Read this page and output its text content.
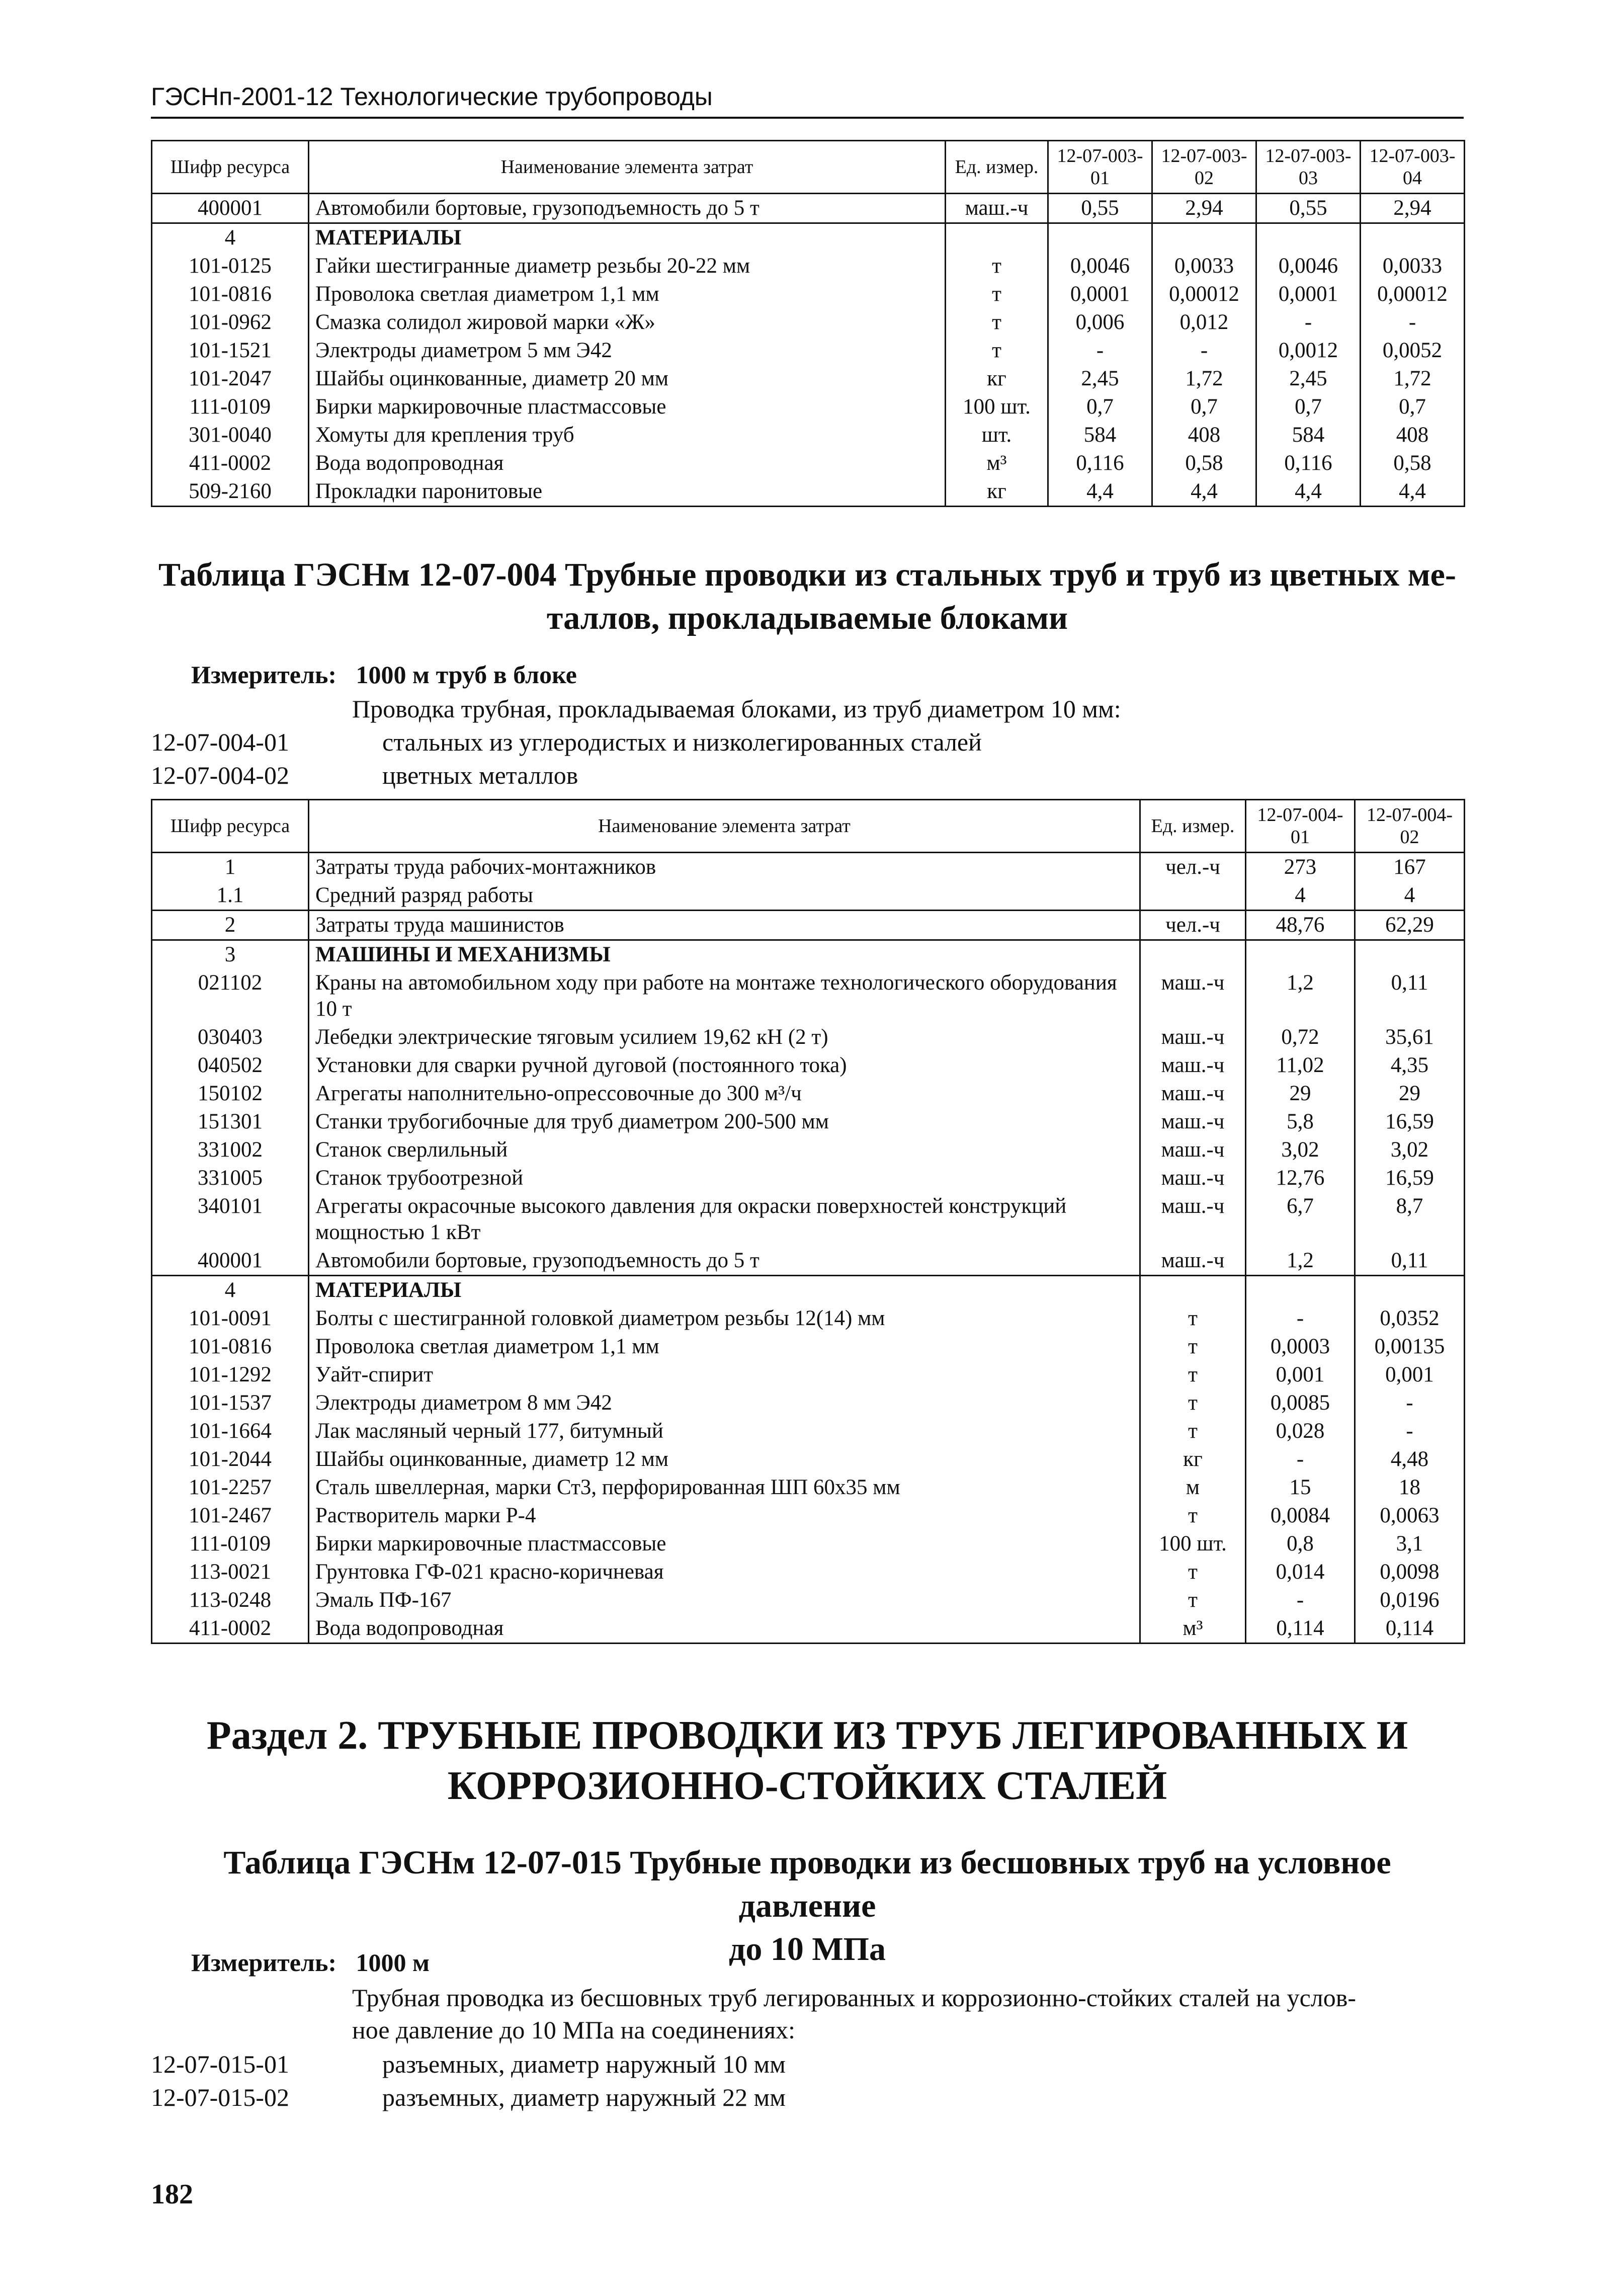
ГЭСНп-2001-12 Технологические трубопроводы
Шифр ресурса	Наименование элемента затрат	Ед. измер.	12-07-003-01	12-07-003-02	12-07-003-03	12-07-003-04
400001	Автомобили бортовые, грузоподъемность до 5 т	маш.-ч	0,55	2,94	0,55	2,94
4	МАТЕРИАЛЫ					
101-0125	Гайки шестигранные диаметр резьбы 20-22 мм	т	0,0046	0,0033	0,0046	0,0033
101-0816	Проволока светлая диаметром 1,1 мм	т	0,0001	0,00012	0,0001	0,00012
101-0962	Смазка солидол жировой марки «Ж»	т	0,006	0,012	-	-
101-1521	Электроды диаметром 5 мм Э42	т	-	-	0,0012	0,0052
101-2047	Шайбы оцинкованные, диаметр 20 мм	кг	2,45	1,72	2,45	1,72
111-0109	Бирки маркировочные пластмассовые	100 шт.	0,7	0,7	0,7	0,7
301-0040	Хомуты для крепления труб	шт.	584	408	584	408
411-0002	Вода водопроводная	м³	0,116	0,58	0,116	0,58
509-2160	Прокладки паронитовые	кг	4,4	4,4	4,4	4,4
Таблица ГЭСНм 12-07-004 Трубные проводки из стальных труб и труб из цветных ме-
таллов, прокладываемые блоками
Измеритель: 1000 м труб в блоке
Проводка трубная, прокладываемая блоками, из труб диаметром 10 мм:
12-07-004-01	стальных из углеродистых и низколегированных сталей
12-07-004-02	цветных металлов
Шифр ресурса	Наименование элемента затрат	Ед. измер.	12-07-004-01	12-07-004-02
1	Затраты труда рабочих-монтажников	чел.-ч	273	167
1.1	Средний разряд работы		4	4
2	Затраты труда машинистов	чел.-ч	48,76	62,29
3	МАШИНЫ И МЕХАНИЗМЫ			
021102	Краны на автомобильном ходу при работе на монтаже технологического оборудования 10 т	маш.-ч	1,2	0,11
030403	Лебедки электрические тяговым усилием 19,62 кН (2 т)	маш.-ч	0,72	35,61
040502	Установки для сварки ручной дуговой (постоянного тока)	маш.-ч	11,02	4,35
150102	Агрегаты наполнительно-опрессовочные до 300 м³/ч	маш.-ч	29	29
151301	Станки трубогибочные для труб диаметром 200-500 мм	маш.-ч	5,8	16,59
331002	Станок сверлильный	маш.-ч	3,02	3,02
331005	Станок трубоотрезной	маш.-ч	12,76	16,59
340101	Агрегаты окрасочные высокого давления для окраски поверхностей конструкций мощностью 1 кВт	маш.-ч	6,7	8,7
400001	Автомобили бортовые, грузоподъемность до 5 т	маш.-ч	1,2	0,11
4	МАТЕРИАЛЫ			
101-0091	Болты с шестигранной головкой диаметром резьбы 12(14) мм	т	-	0,0352
101-0816	Проволока светлая диаметром 1,1 мм	т	0,0003	0,00135
101-1292	Уайт-спирит	т	0,001	0,001
101-1537	Электроды диаметром 8 мм Э42	т	0,0085	-
101-1664	Лак масляный черный 177, битумный	т	0,028	-
101-2044	Шайбы оцинкованные, диаметр 12 мм	кг	-	4,48
101-2257	Сталь швеллерная, марки Ст3, перфорированная ШП 60х35 мм	м	15	18
101-2467	Растворитель марки Р-4	т	0,0084	0,0063
111-0109	Бирки маркировочные пластмассовые	100 шт.	0,8	3,1
113-0021	Грунтовка ГФ-021 красно-коричневая	т	0,014	0,0098
113-0248	Эмаль ПФ-167	т	-	0,0196
411-0002	Вода водопроводная	м³	0,114	0,114
Раздел 2. ТРУБНЫЕ ПРОВОДКИ ИЗ ТРУБ ЛЕГИРОВАННЫХ И
КОРРОЗИОННО-СТОЙКИХ СТАЛЕЙ
Таблица ГЭСНм 12-07-015 Трубные проводки из бесшовных труб на условное давление
до 10 МПа
Измеритель: 1000 м
Трубная проводка из бесшовных труб легированных и коррозионно-стойких сталей на услов-
ное давление до 10 МПа на соединениях:
12-07-015-01	разъемных, диаметр наружный 10 мм
12-07-015-02	разъемных, диаметр наружный 22 мм
182
